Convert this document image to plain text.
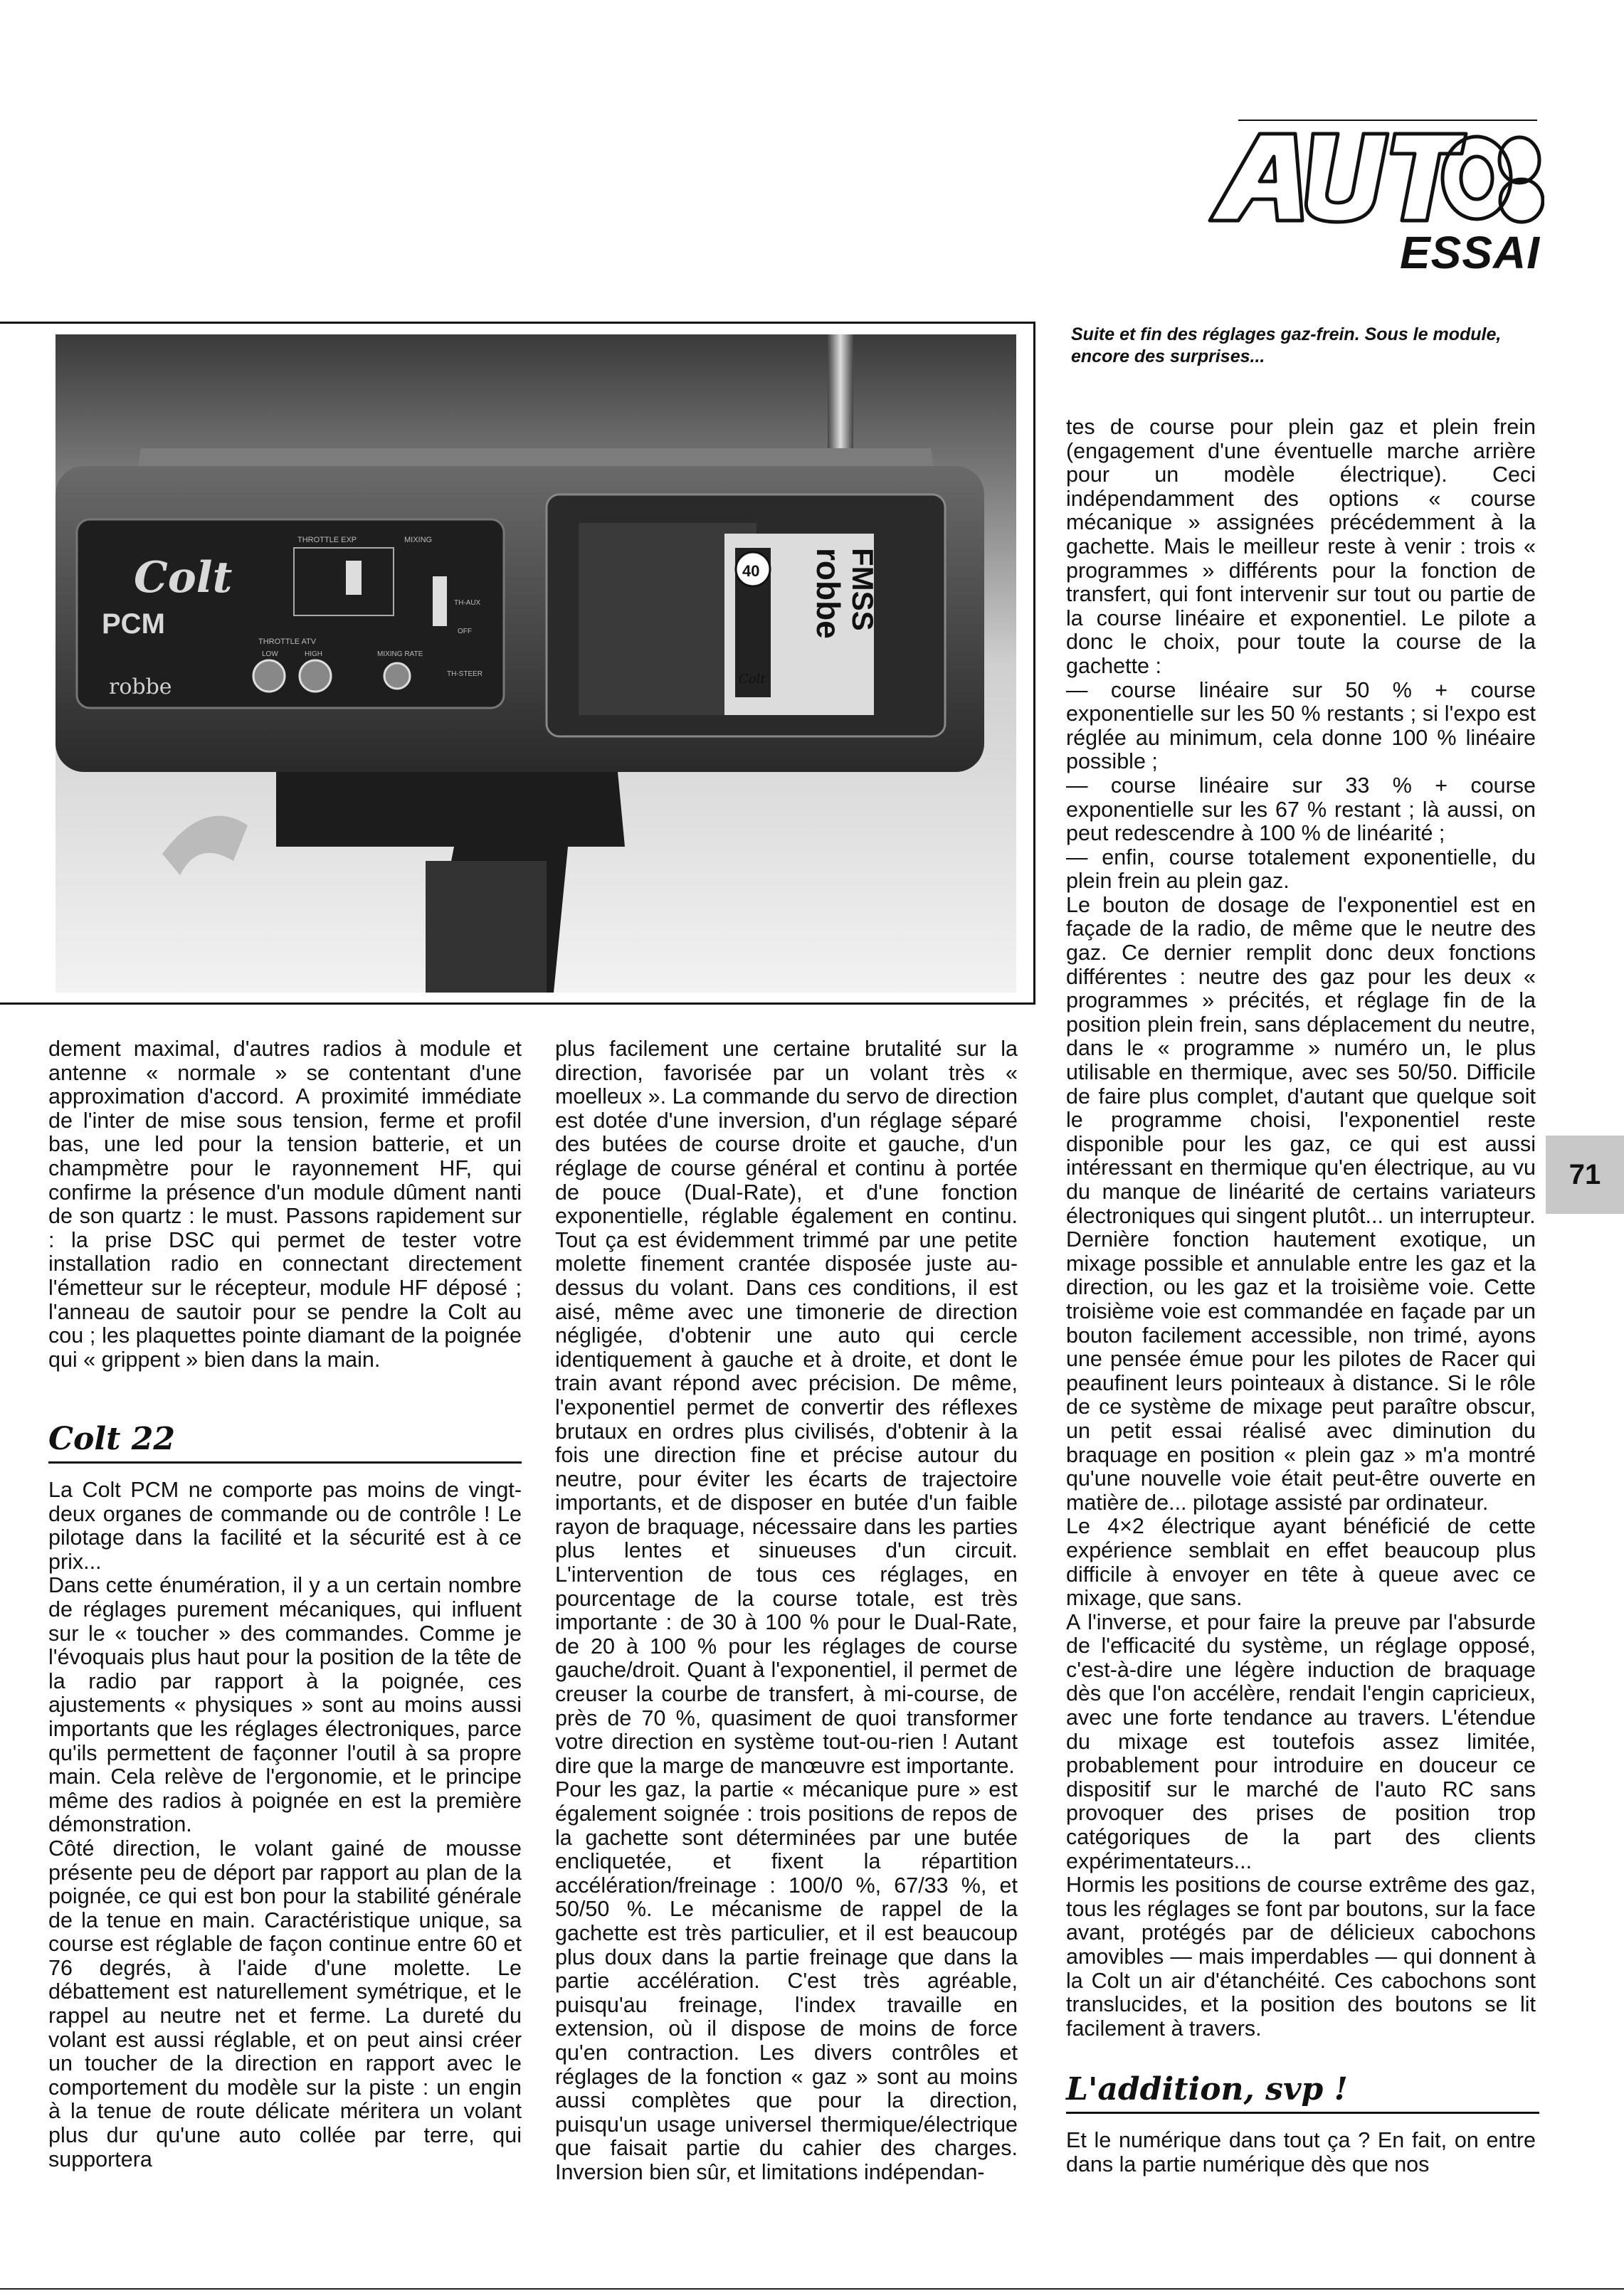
ESSAI
Suite et fin des réglages gaz-frein. Sous le module, encore des surprises...
Colt
PCM
robbe
THROTTLE EXP	MIXING
THROTTLE ATV
LOW	HIGH	MIXING RATE
TH-AUX
OFF
TH-STEER
robbe FMSS
40
Colt

dement maximal, d'autres radios à module et antenne « normale » se contentant d'une approximation d'accord. A proximité immédiate de l'inter de mise sous tension, ferme et profil bas, une led pour la tension batterie, et un champmètre pour le rayonnement HF, qui confirme la présence d'un module dûment nanti de son quartz : le must. Passons rapidement sur : la prise DSC qui permet de tester votre installation radio en connectant directement l'émetteur sur le récepteur, module HF déposé ; l'anneau de sautoir pour se pendre la Colt au cou ; les plaquettes pointe diamant de la poignée qui « grippent » bien dans la main.

Colt 22

La Colt PCM ne comporte pas moins de vingt-deux organes de commande ou de contrôle ! Le pilotage dans la facilité et la sécurité est à ce prix...

Dans cette énumération, il y a un certain nombre de réglages purement mécaniques, qui influent sur le « toucher » des commandes. Comme je l'évoquais plus haut pour la position de la tête de la radio par rapport à la poignée, ces ajustements « physiques » sont au moins aussi importants que les réglages électroniques, parce qu'ils permettent de façonner l'outil à sa propre main. Cela relève de l'ergonomie, et le principe même des radios à poignée en est la première démonstration.

Côté direction, le volant gainé de mousse présente peu de déport par rapport au plan de la poignée, ce qui est bon pour la stabilité générale de la tenue en main. Caractéristique unique, sa course est réglable de façon continue entre 60 et 76 degrés, à l'aide d'une molette. Le débattement est naturellement symétrique, et le rappel au neutre net et ferme. La dureté du volant est aussi réglable, et on peut ainsi créer un toucher de la direction en rapport avec le comportement du modèle sur la piste : un engin à la tenue de route délicate méritera un volant plus dur qu'une auto collée par terre, qui supportera

plus facilement une certaine brutalité sur la direction, favorisée par un volant très « moelleux ». La commande du servo de direction est dotée d'une inversion, d'un réglage séparé des butées de course droite et gauche, d'un réglage de course général et continu à portée de pouce (Dual-Rate), et d'une fonction exponentielle, réglable également en continu. Tout ça est évidemment trimmé par une petite molette finement crantée disposée juste au-dessus du volant. Dans ces conditions, il est aisé, même avec une timonerie de direction négligée, d'obtenir une auto qui cercle identiquement à gauche et à droite, et dont le train avant répond avec précision. De même, l'exponentiel permet de convertir des réflexes brutaux en ordres plus civilisés, d'obtenir à la fois une direction fine et précise autour du neutre, pour éviter les écarts de trajectoire importants, et de disposer en butée d'un faible rayon de braquage, nécessaire dans les parties plus lentes et sinueuses d'un circuit. L'intervention de tous ces réglages, en pourcentage de la course totale, est très importante : de 30 à 100 % pour le Dual-Rate, de 20 à 100 % pour les réglages de course gauche/droit. Quant à l'exponentiel, il permet de creuser la courbe de transfert, à mi-course, de près de 70 %, quasiment de quoi transformer votre direction en système tout-ou-rien ! Autant dire que la marge de manœuvre est importante.

Pour les gaz, la partie « mécanique pure » est également soignée : trois positions de repos de la gachette sont déterminées par une butée encliquetée, et fixent la répartition accélération/freinage : 100/0 %, 67/33 %, et 50/50 %. Le mécanisme de rappel de la gachette est très particulier, et il est beaucoup plus doux dans la partie freinage que dans la partie accélération. C'est très agréable, puisqu'au freinage, l'index travaille en extension, où il dispose de moins de force qu'en contraction. Les divers contrôles et réglages de la fonction « gaz » sont au moins aussi complètes que pour la direction, puisqu'un usage universel thermique/électrique que faisait partie du cahier des charges. Inversion bien sûr, et limitations indépendan-

tes de course pour plein gaz et plein frein (engagement d'une éventuelle marche arrière pour un modèle électrique). Ceci indépendamment des options « course mécanique » assignées précédemment à la gachette. Mais le meilleur reste à venir : trois « programmes » différents pour la fonction de transfert, qui font intervenir sur tout ou partie de la course linéaire et exponentiel. Le pilote a donc le choix, pour toute la course de la gachette :

— course linéaire sur 50 % + course exponentielle sur les 50 % restants ; si l'expo est réglée au minimum, cela donne 100 % linéaire possible ;

— course linéaire sur 33 % + course exponentielle sur les 67 % restant ; là aussi, on peut redescendre à 100 % de linéarité ;

— enfin, course totalement exponentielle, du plein frein au plein gaz.

Le bouton de dosage de l'exponentiel est en façade de la radio, de même que le neutre des gaz. Ce dernier remplit donc deux fonctions différentes : neutre des gaz pour les deux « programmes » précités, et réglage fin de la position plein frein, sans déplacement du neutre, dans le « programme » numéro un, le plus utilisable en thermique, avec ses 50/50. Difficile de faire plus complet, d'autant que quelque soit le programme choisi, l'exponentiel reste disponible pour les gaz, ce qui est aussi intéressant en thermique qu'en électrique, au vu du manque de linéarité de certains variateurs électroniques qui singent plutôt... un interrupteur.

Dernière fonction hautement exotique, un mixage possible et annulable entre les gaz et la direction, ou les gaz et la troisième voie. Cette troisième voie est commandée en façade par un bouton facilement accessible, non trimé, ayons une pensée émue pour les pilotes de Racer qui peaufinent leurs pointeaux à distance. Si le rôle de ce système de mixage peut paraître obscur, un petit essai réalisé avec diminution du braquage en position « plein gaz » m'a montré qu'une nouvelle voie était peut-être ouverte en matière de... pilotage assisté par ordinateur.

Le 4×2 électrique ayant bénéficié de cette expérience semblait en effet beaucoup plus difficile à envoyer en tête à queue avec ce mixage, que sans.

A l'inverse, et pour faire la preuve par l'absurde de l'efficacité du système, un réglage opposé, c'est-à-dire une légère induction de braquage dès que l'on accélère, rendait l'engin capricieux, avec une forte tendance au travers. L'étendue du mixage est toutefois assez limitée, probablement pour introduire en douceur ce dispositif sur le marché de l'auto RC sans provoquer des prises de position trop catégoriques de la part des clients expérimentateurs...

Hormis les positions de course extrême des gaz, tous les réglages se font par boutons, sur la face avant, protégés par de délicieux cabochons amovibles — mais imperdables — qui donnent à la Colt un air d'étanchéité. Ces cabochons sont translucides, et la position des boutons se lit facilement à travers.

L'addition, svp !

Et le numérique dans tout ça ? En fait, on entre dans la partie numérique dès que nos

71
